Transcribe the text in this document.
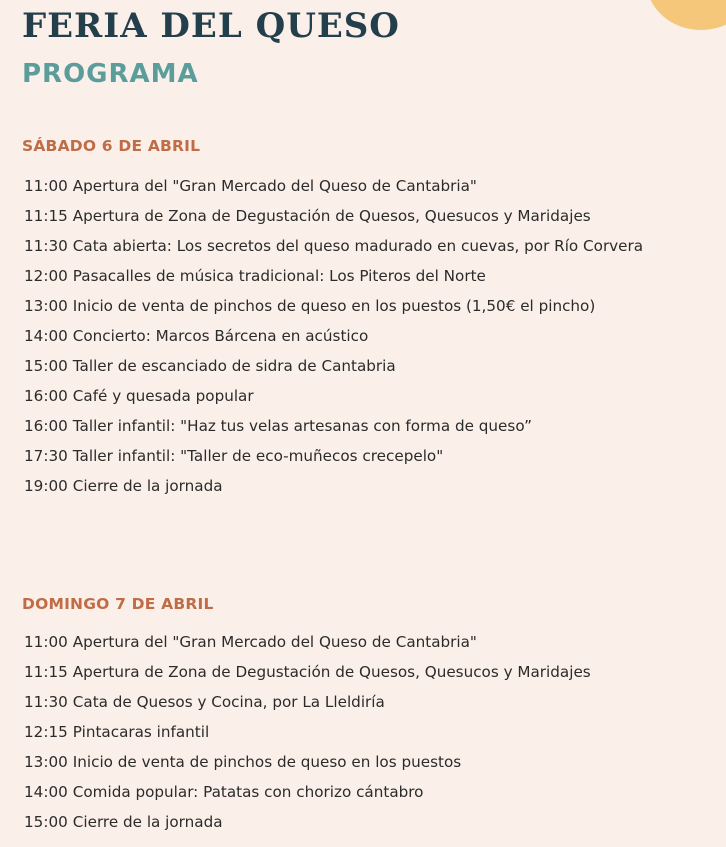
FERIA DEL QUESO
PROGRAMA
SÁBADO 6 DE ABRIL
11:00 Apertura del "Gran Mercado del Queso de Cantabria"
11:15 Apertura de Zona de Degustación de Quesos, Quesucos y Maridajes
11:30 Cata abierta: Los secretos del queso madurado en cuevas, por Río Corvera
12:00 Pasacalles de música tradicional: Los Piteros del Norte
13:00 Inicio de venta de pinchos de queso en los puestos (1,50€ el pincho)
14:00 Concierto: Marcos Bárcena en acústico
15:00 Taller de escanciado de sidra de Cantabria
16:00 Café y quesada popular
16:00 Taller infantil: "Haz tus velas artesanas con forma de queso”
17:30 Taller infantil: "Taller de eco-muñecos crecepelo"
19:00 Cierre de la jornada
DOMINGO 7 DE ABRIL
11:00 Apertura del "Gran Mercado del Queso de Cantabria"
11:15 Apertura de Zona de Degustación de Quesos, Quesucos y Maridajes
11:30 Cata de Quesos y Cocina, por La Lleldiría
12:15 Pintacaras infantil
13:00 Inicio de venta de pinchos de queso en los puestos
14:00 Comida popular: Patatas con chorizo cántabro
15:00 Cierre de la jornada
